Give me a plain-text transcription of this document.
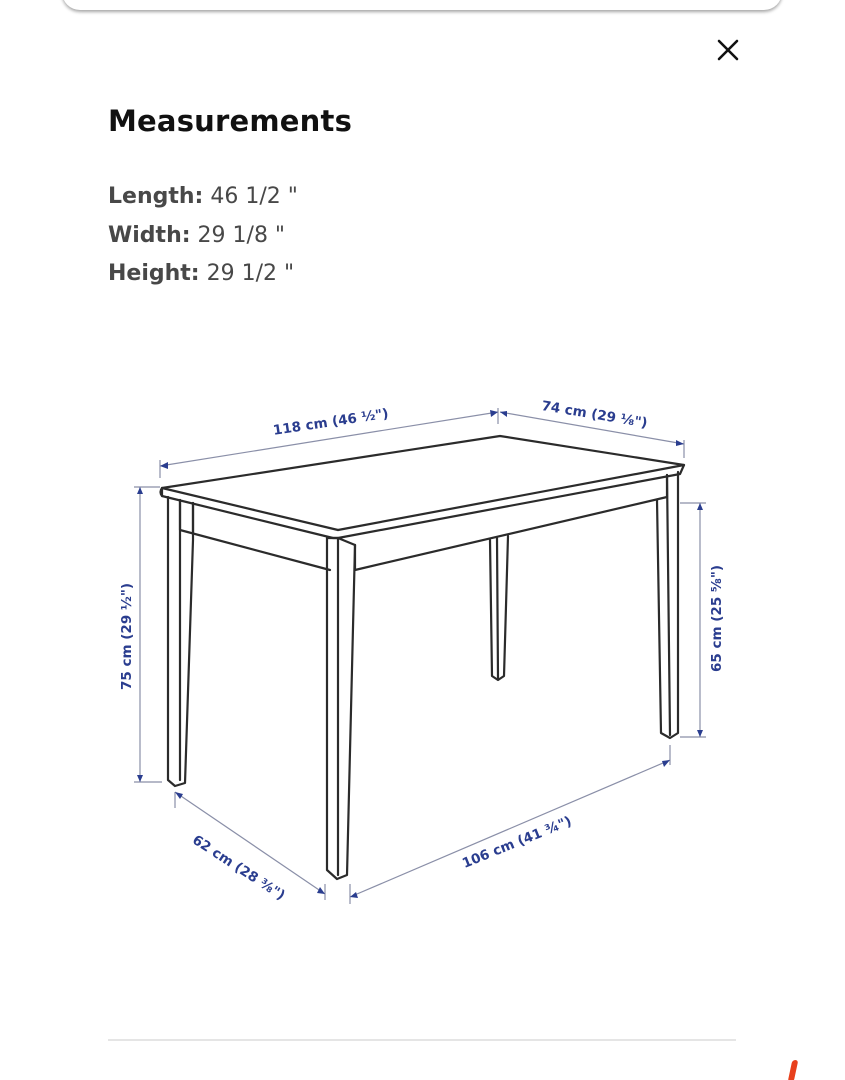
Measurements
Length: 46 1/2 "
Width: 29 1/8 "
Height: 29 1/2 "
118 cm (46 ½")	74 cm (29 ⅛")
75 cm (29 ½")	65 cm (25 ⅝")
62 cm (28 ⅜")	106 cm (41 ¾")
